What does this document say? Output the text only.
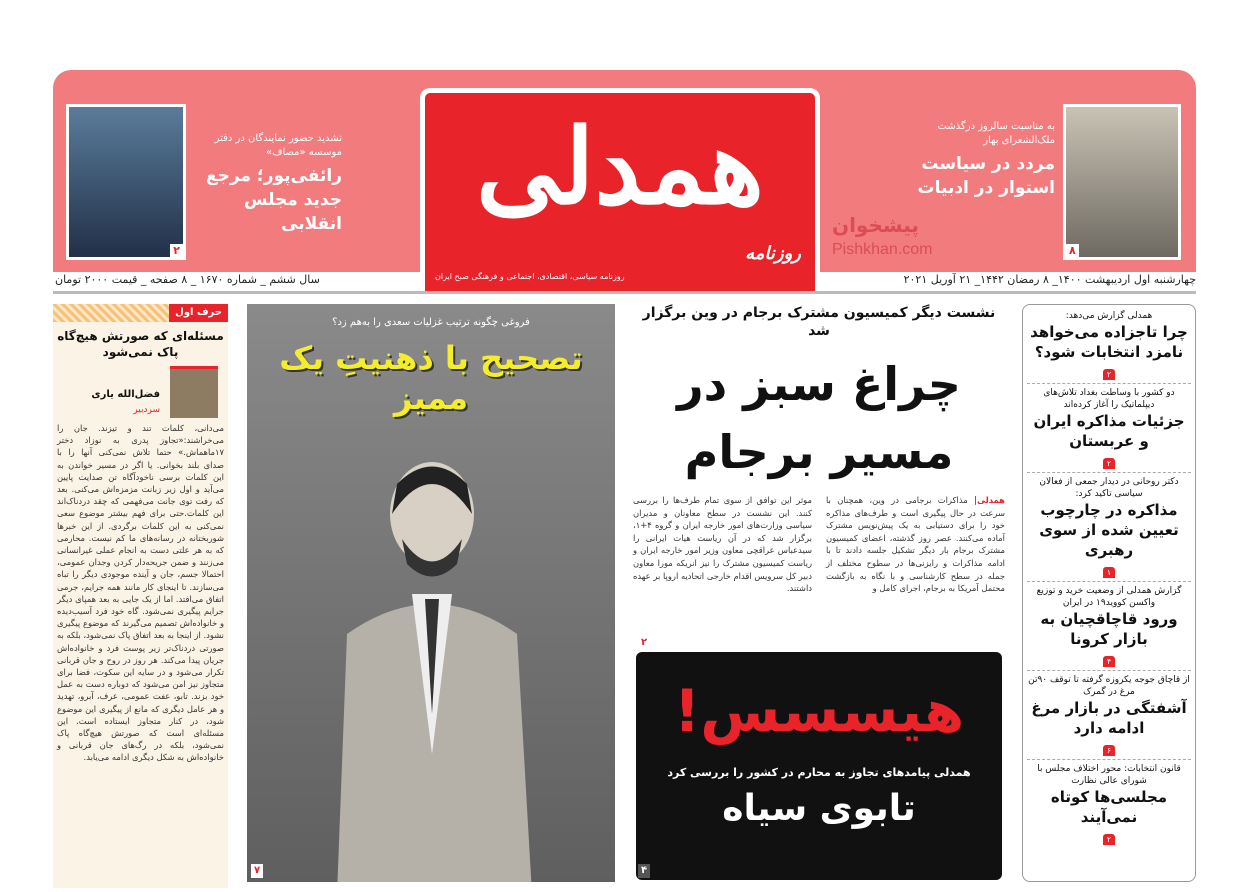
۲
تشدید حضور نمایندگان در دفتر موسسه «مصاف»
رائفی‌پور؛ مرجع جدید مجلس انقلابی	همدلی
روزنامه
روزنامه سیاسی، اقتصادی، اجتماعی و فرهنگی صبح ایران
پیشخوان
Pishkhan.com
به مناسبت سالروز درگذشت ملک‌الشعرای بهار
مردد در سیاست استوار در ادبیات
۸
سال ششم _ شماره ۱۶۷۰ _ ۸ صفحه _ قیمت ۲۰۰۰ تومان	چهارشنبه اول اردیبهشت ۱۴۰۰_ ۸ رمضان ۱۴۴۲_ ۲۱ آوریل ۲۰۲۱
حرف اول
مسئله‌ای که صورتش هیچ‌گاه پاک نمی‌شود
فضل‌الله یاری
سردبیر
می‌دانی، کلمات تند و تیزند. جان را می‌خراشند:«تجاوز پدری به نوزاد دختر ۱۷ماهماش.» حتما تلاش نمی‌کنی آنها را با صدای بلند بخوانی. یا اگر در مسیر خواندن به این کلمات برسی ناخودآگاه تن صدایت پایین می‌آید و اول زیر زبانت مزمزه‌اش می‌کنی. بعد که رفت توی جانت می‌فهمی که چقد دردناک‌اند این کلمات.حتی برای فهم بیشتر موضوع سعی نمی‌کنی به این کلمات برگردی. از این خبرها شوربختانه در رسانه‌های ما کم نیست. محارمی که به هر علتی دست به انجام عملی غیرانسانی می‌زنند و ضمن جریحه‌دار کردن وجدان عمومی، احتمالا جسم، جان و آینده موجودی دیگر را تباه می‌سازند. تا اینجای کار مانند همه جرایم، جرمی اتفاق می‌افتد. اما از یک جایی به بعد همپای دیگر جرایم پیگیری نمی‌شود. گاه خود فرد آسیب‌دیده و خانواده‌اش تصمیم می‌گیرند که موضوع پیگیری نشود. از اینجا به بعد اتفاق پاک نمی‌شود، بلکه به صورتی دردناک‌تر زیر پوست فرد و خانواده‌اش جریان پیدا می‌کند. هر روز در روح و جان قربانی تکرار می‌شود و در سایه این سکوت، فضا برای متجاوز نیز امن می‌شود که دوباره دست به عمل خود بزند. تابو، عفت عمومی، عرف، آبرو، تهدید و هر عامل دیگری که مانع از پیگیری این موضوع شود، در کنار متجاوز ایستاده است. این مسئله‌ای است که صورتش هیچ‌گاه پاک نمی‌شود، بلکه در رگ‌های جان قربانی و خانواده‌اش به شکل دیگری ادامه می‌یابد.
فروغی چگونه ترتیب غزلیات سعدی را به‌هم زد؟
تصحیح با ذهنیتِ یک ممیز
۷
نشست دیگر کمیسیون مشترک برجام در وین برگزار شد
چراغ سبز در مسیر برجام

همدلی| مذاکرات برجامی در وین، همچنان با سرعت در حال پیگیری است و طرف‌های مذاکره خود را برای دستیابی به یک پیش‌نویس مشترک آماده می‌کنند. عصر روز گذشته، اعضای کمیسیون مشترک برجام بار دیگر تشکیل جلسه دادند تا با ادامه مذاکرات و رایزنی‌ها در سطوح مختلف از جمله در سطح کارشناسی و با نگاه به بازگشت محتمل آمریکا به برجام، اجرای کامل و

موثر این توافق از سوی تمام طرف‌ها را بررسی کنند. این نشست در سطح معاونان و مدیران سیاسی وزارت‌های امور خارجه ایران و گروه ۴+۱، برگزار شد که در آن ریاست هیات ایرانی را سیدعباس عراقچی معاون وزیر امور خارجه ایران و ریاست کمیسیون مشترک را نیز انریکه مورا معاون دبیر کل سرویس اقدام خارجی اتحادیه اروپا بر عهده داشتند.

۲
هیسسس!
همدلی پیامدهای تجاوز به محارم در کشور را بررسی کرد
تابوی سیاه
۴
همدلی گزارش می‌دهد:
چرا تاجزاده می‌خواهد نامزد انتخابات شود؟
۲
دو کشور با وساطت بغداد تلاش‌های دیپلماتیک را آغاز کرده‌اند
جزئیات مذاکره ایران و عربستان
۲
دکتر روحانی در دیدار جمعی از فعالان سیاسی تاکید کرد:
مذاکره در چارچوب تعیین شده از سوی رهبری
۱
گزارش همدلی از وضعیت خرید و توزیع واکسن کووید۱۹ در ایران
ورود قاچاقچیان به بازار کرونا
۴
از قاچاق جوجه یکروزه گرفته تا توقف ۹۰تن مرغ در گمرک
آشفتگی در بازار مرغ ادامه دارد
۶
قانون انتخابات: محور اختلاف مجلس با شورای عالی نظارت
مجلسی‌ها کوتاه نمی‌آیند
۲
